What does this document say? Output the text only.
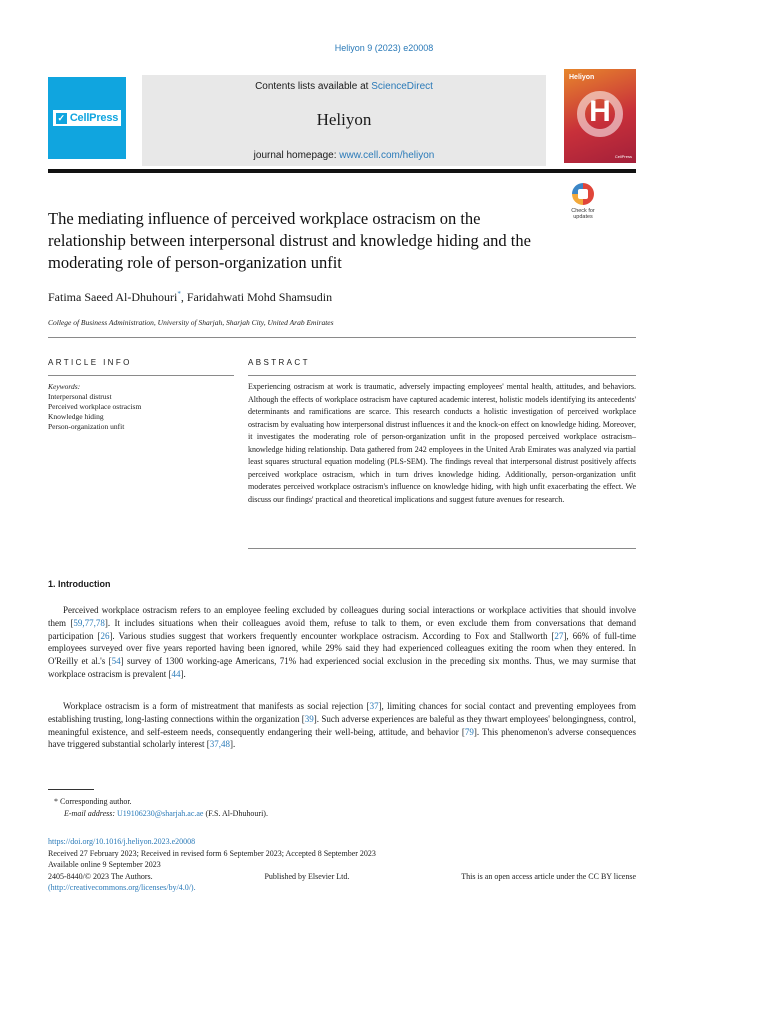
Heliyon 9 (2023) e20008
✓ CellPress
Contents lists available at ScienceDirect
Heliyon
journal homepage: www.cell.com/heliyon
Heliyon
H
CellPress
Check for
updates
The mediating influence of perceived workplace ostracism on the relationship between interpersonal distrust and knowledge hiding and the moderating role of person-organization unfit
Fatima Saeed Al-Dhuhouri*, Faridahwati Mohd Shamsudin
College of Business Administration, University of Sharjah, Sharjah City, United Arab Emirates
ARTICLE INFO	ABSTRACT
Keywords:
Interpersonal distrust
Perceived workplace ostracism
Knowledge hiding
Person-organization unfit
Experiencing ostracism at work is traumatic, adversely impacting employees' mental health, attitudes, and behaviors. Although the effects of workplace ostracism have captured academic interest, holistic models identifying its antecedents' determinants and ramifications are scarce. This research conducts a holistic investigation of perceived workplace ostracism by evaluating how interpersonal distrust influences it and the knock-on effect on knowledge hiding. Moreover, it investigates the moderating role of person-organization unfit in the proposed perceived workplace ostracism–knowledge hiding relationship. Data gathered from 242 employees in the United Arab Emirates was analyzed via partial least squares structural equation modeling (PLS-SEM). The findings reveal that interpersonal distrust positively affects perceived workplace ostracism, which in turn drives knowledge hiding. Additionally, person-organization unfit moderates perceived workplace ostracism's influence on knowledge hiding, with high unfit exacerbating the effect. We discuss our findings' practical and theoretical implications and suggest future avenues for research.
1. Introduction

Perceived workplace ostracism refers to an employee feeling excluded by colleagues during social interactions or workplace activities that should involve them [59,77,78]. It includes situations when their colleagues avoid them, refuse to talk to them, or even exclude them from conversations that demand participation [26]. Various studies suggest that workers frequently encounter workplace ostracism. According to Fox and Stallworth [27], 66% of full-time employees surveyed over five years reported having been ignored, while 29% said they had experienced colleagues exiting the room when they entered. In O'Reilly et al.'s [54] survey of 1300 working-age Americans, 71% had experienced social exclusion in the preceding six months. Thus, we may surmise that workplace ostracism is prevalent [44].

Workplace ostracism is a form of mistreatment that manifests as social rejection [37], limiting chances for social contact and preventing employees from establishing trusting, long-lasting connections within the organization [39]. Such adverse experiences are baleful as they thwart employees' belongingness, control, meaningful existence, and self-esteem needs, consequently endangering their well-being, attitude, and behavior [79]. This phenomenon's adverse consequences have triggered substantial scholarly interest [37,48].

* Corresponding author.
E-mail address: U19106230@sharjah.ac.ae (F.S. Al-Dhuhouri).
https://doi.org/10.1016/j.heliyon.2023.e20008
Received 27 February 2023; Received in revised form 6 September 2023; Accepted 8 September 2023
Available online 9 September 2023
2405-8440/© 2023 The Authors.	Published by Elsevier Ltd.	This is an open access article under the CC BY license
(http://creativecommons.org/licenses/by/4.0/).
